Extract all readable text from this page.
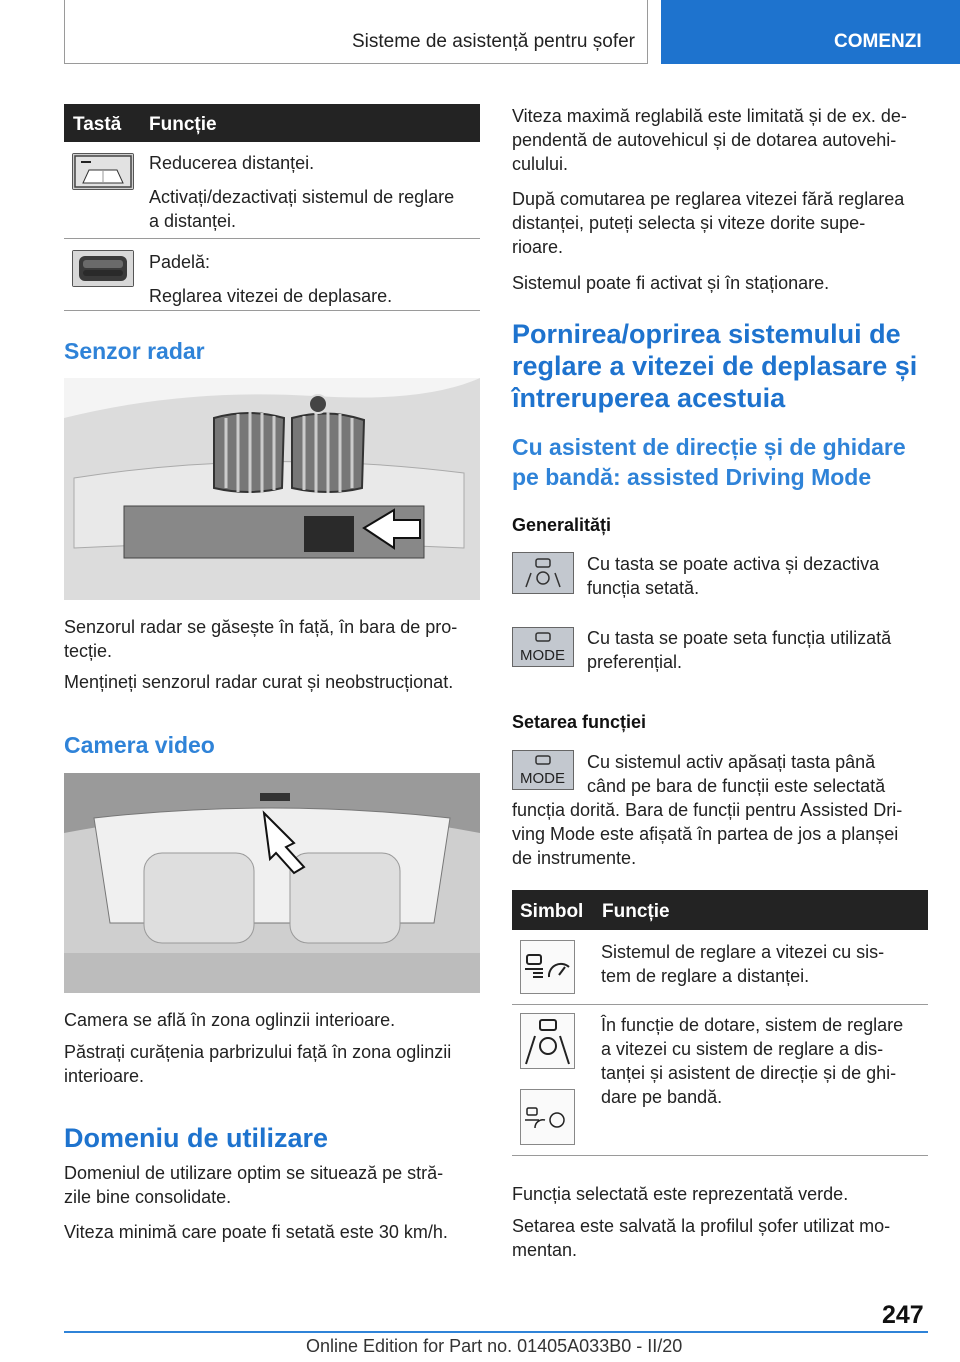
Sisteme de asistență pentru șofer	COMENZI
Tastă Funcție
Reducerea distanței.
Activați/dezactivați sistemul de reglare
a distanței.
Padelă:
Reglarea vitezei de deplasare.
Senzor radar
Senzorul radar se găsește în față, în bara de pro-
tecție.
Mențineți senzorul radar curat și neobstrucționat.
Camera video
Camera se află în zona oglinzii interioare.
Păstrați curățenia parbrizului față în zona oglinzii
interioare.
Domeniu de utilizare
Domeniul de utilizare optim se situează pe stră-
zile bine consolidate.
Viteza minimă care poate fi setată este 30 km/h.
Viteza maximă reglabilă este limitată și de ex. de-
pendentă de autovehicul și de dotarea autovehi-
culului.
După comutarea pe reglarea vitezei fără reglarea
distanței, puteți selecta și viteze dorite supe-
rioare.
Sistemul poate fi activat și în staționare.
Pornirea/oprirea sistemului de
reglare a vitezei de deplasare și
întreruperea acestuia
Cu asistent de direcție și de ghidare
pe bandă: assisted Driving Mode
Generalități
Cu tasta se poate activa și dezactiva
funcția setată.
MODE
Cu tasta se poate seta funcția utilizată
preferențial.
Setarea funcției
MODE
Cu sistemul activ apăsați tasta până
când pe bara de funcții este selectată
funcția dorită. Bara de funcții pentru Assisted Dri-
ving Mode este afișată în partea de jos a planșei
de instrumente.
Simbol Funcție
Sistemul de reglare a vitezei cu sis-
tem de reglare a distanței.
În funcție de dotare, sistem de reglare
a vitezei cu sistem de reglare a dis-
tanței și asistent de direcție și de ghi-
dare pe bandă.
Funcția selectată este reprezentată verde.
Setarea este salvată la profilul șofer utilizat mo-
mentan.
247
Online Edition for Part no. 01405A033B0 - II/20
